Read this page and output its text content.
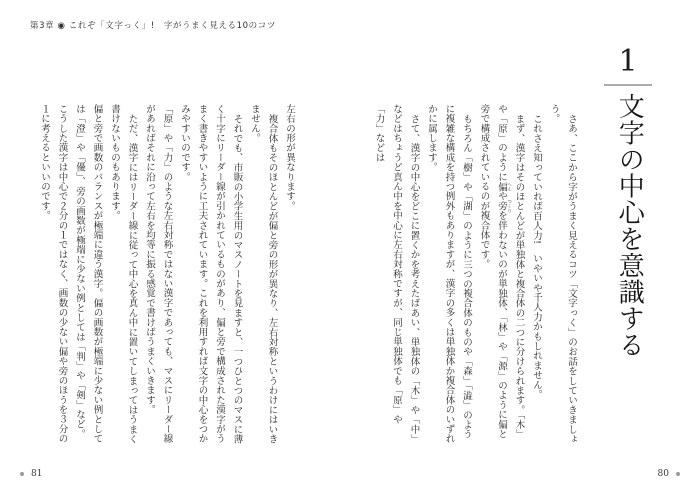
第3章 ◉ これぞ「文字っく」!　字がうまく見える10のコツ
1
文字の中心を意識する

さあ、ここから字がうまく見えるコツ「文字っく」のお話をしていきましょう。

これさえ知っていれば百人力!　いやいや千人力かもしれません。

まず、漢字はそのほとんどが単独体と複合体の二つに分けられます。「木」や「原」のように偏 へんや旁 つくりを伴わないのが単独体、「林」や「源」のように偏と旁で構成されているのが複合体です。

もちろん「樹」や「湖」のように三つの複合体のものや「森」「澁」のように複雑な構成を持つ例外もありますが、漢字の多くは単独体か複合体のいずれかに属します。

さて、漢字の中心をどこに置くかを考えたばあい、単独体の「木」や「中」などはちょうど真ん中を中心に左右対称ですが、同じ単独体でも「原」や「力」などは

左右の形が異なります。

複合体もそのほとんどが偏と旁の形が異なり、左右対称というわけにはいきません。

それでも、市販の小学生用のマスノートを見ますと、一つひとつのマスに薄く十字にリーダー線が引かれているものがあり、偏と旁で構成された漢字がうまく書きやすいように工夫されています。これを利用すれば文字の中心をつかみやすいのです。

「原」や「力」のような左右対称ではない漢字であっても、マスにリーダー線があればそれに沿って左右を均等に振る感覚で書けばうまくいきます。

ただ、漢字にはリーダー線に従って中心を真ん中に置いてしまってはうまく書けないものもあります。

偏と旁で画数のバランスが極端に違う漢字。偏の画数が極端に少ない例としては「澄」や「優」、旁の画数が極端に少ない例としては「判」や「剣」など。こうした漢字は中心で２分の１ではなく、画数の少ない偏や旁のほうを３分の１に考えるといいのです。

81	80
